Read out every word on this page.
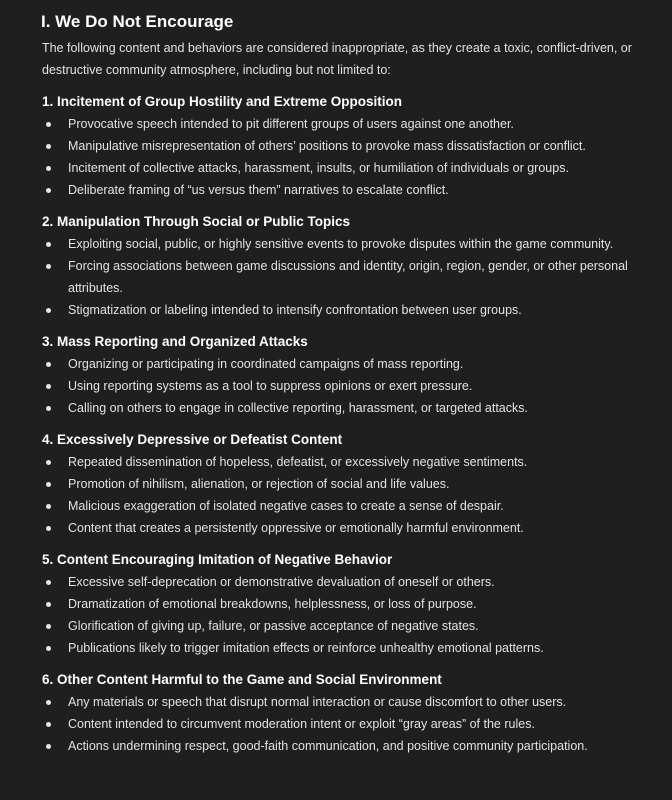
I. We Do Not Encourage

The following content and behaviors are considered inappropriate, as they create a toxic, conflict-driven, or destructive community atmosphere, including but not limited to:

1. Incitement of Group Hostility and Extreme Opposition
Provocative speech intended to pit different groups of users against one another.
Manipulative misrepresentation of others’ positions to provoke mass dissatisfaction or conflict.
Incitement of collective attacks, harassment, insults, or humiliation of individuals or groups.
Deliberate framing of “us versus them” narratives to escalate conflict.
2. Manipulation Through Social or Public Topics
Exploiting social, public, or highly sensitive events to provoke disputes within the game community.
Forcing associations between game discussions and identity, origin, region, gender, or other personal attributes.
Stigmatization or labeling intended to intensify confrontation between user groups.
3. Mass Reporting and Organized Attacks
Organizing or participating in coordinated campaigns of mass reporting.
Using reporting systems as a tool to suppress opinions or exert pressure.
Calling on others to engage in collective reporting, harassment, or targeted attacks.
4. Excessively Depressive or Defeatist Content
Repeated dissemination of hopeless, defeatist, or excessively negative sentiments.
Promotion of nihilism, alienation, or rejection of social and life values.
Malicious exaggeration of isolated negative cases to create a sense of despair.
Content that creates a persistently oppressive or emotionally harmful environment.
5. Content Encouraging Imitation of Negative Behavior
Excessive self-deprecation or demonstrative devaluation of oneself or others.
Dramatization of emotional breakdowns, helplessness, or loss of purpose.
Glorification of giving up, failure, or passive acceptance of negative states.
Publications likely to trigger imitation effects or reinforce unhealthy emotional patterns.
6. Other Content Harmful to the Game and Social Environment
Any materials or speech that disrupt normal interaction or cause discomfort to other users.
Content intended to circumvent moderation intent or exploit “gray areas” of the rules.
Actions undermining respect, good-faith communication, and positive community participation.
